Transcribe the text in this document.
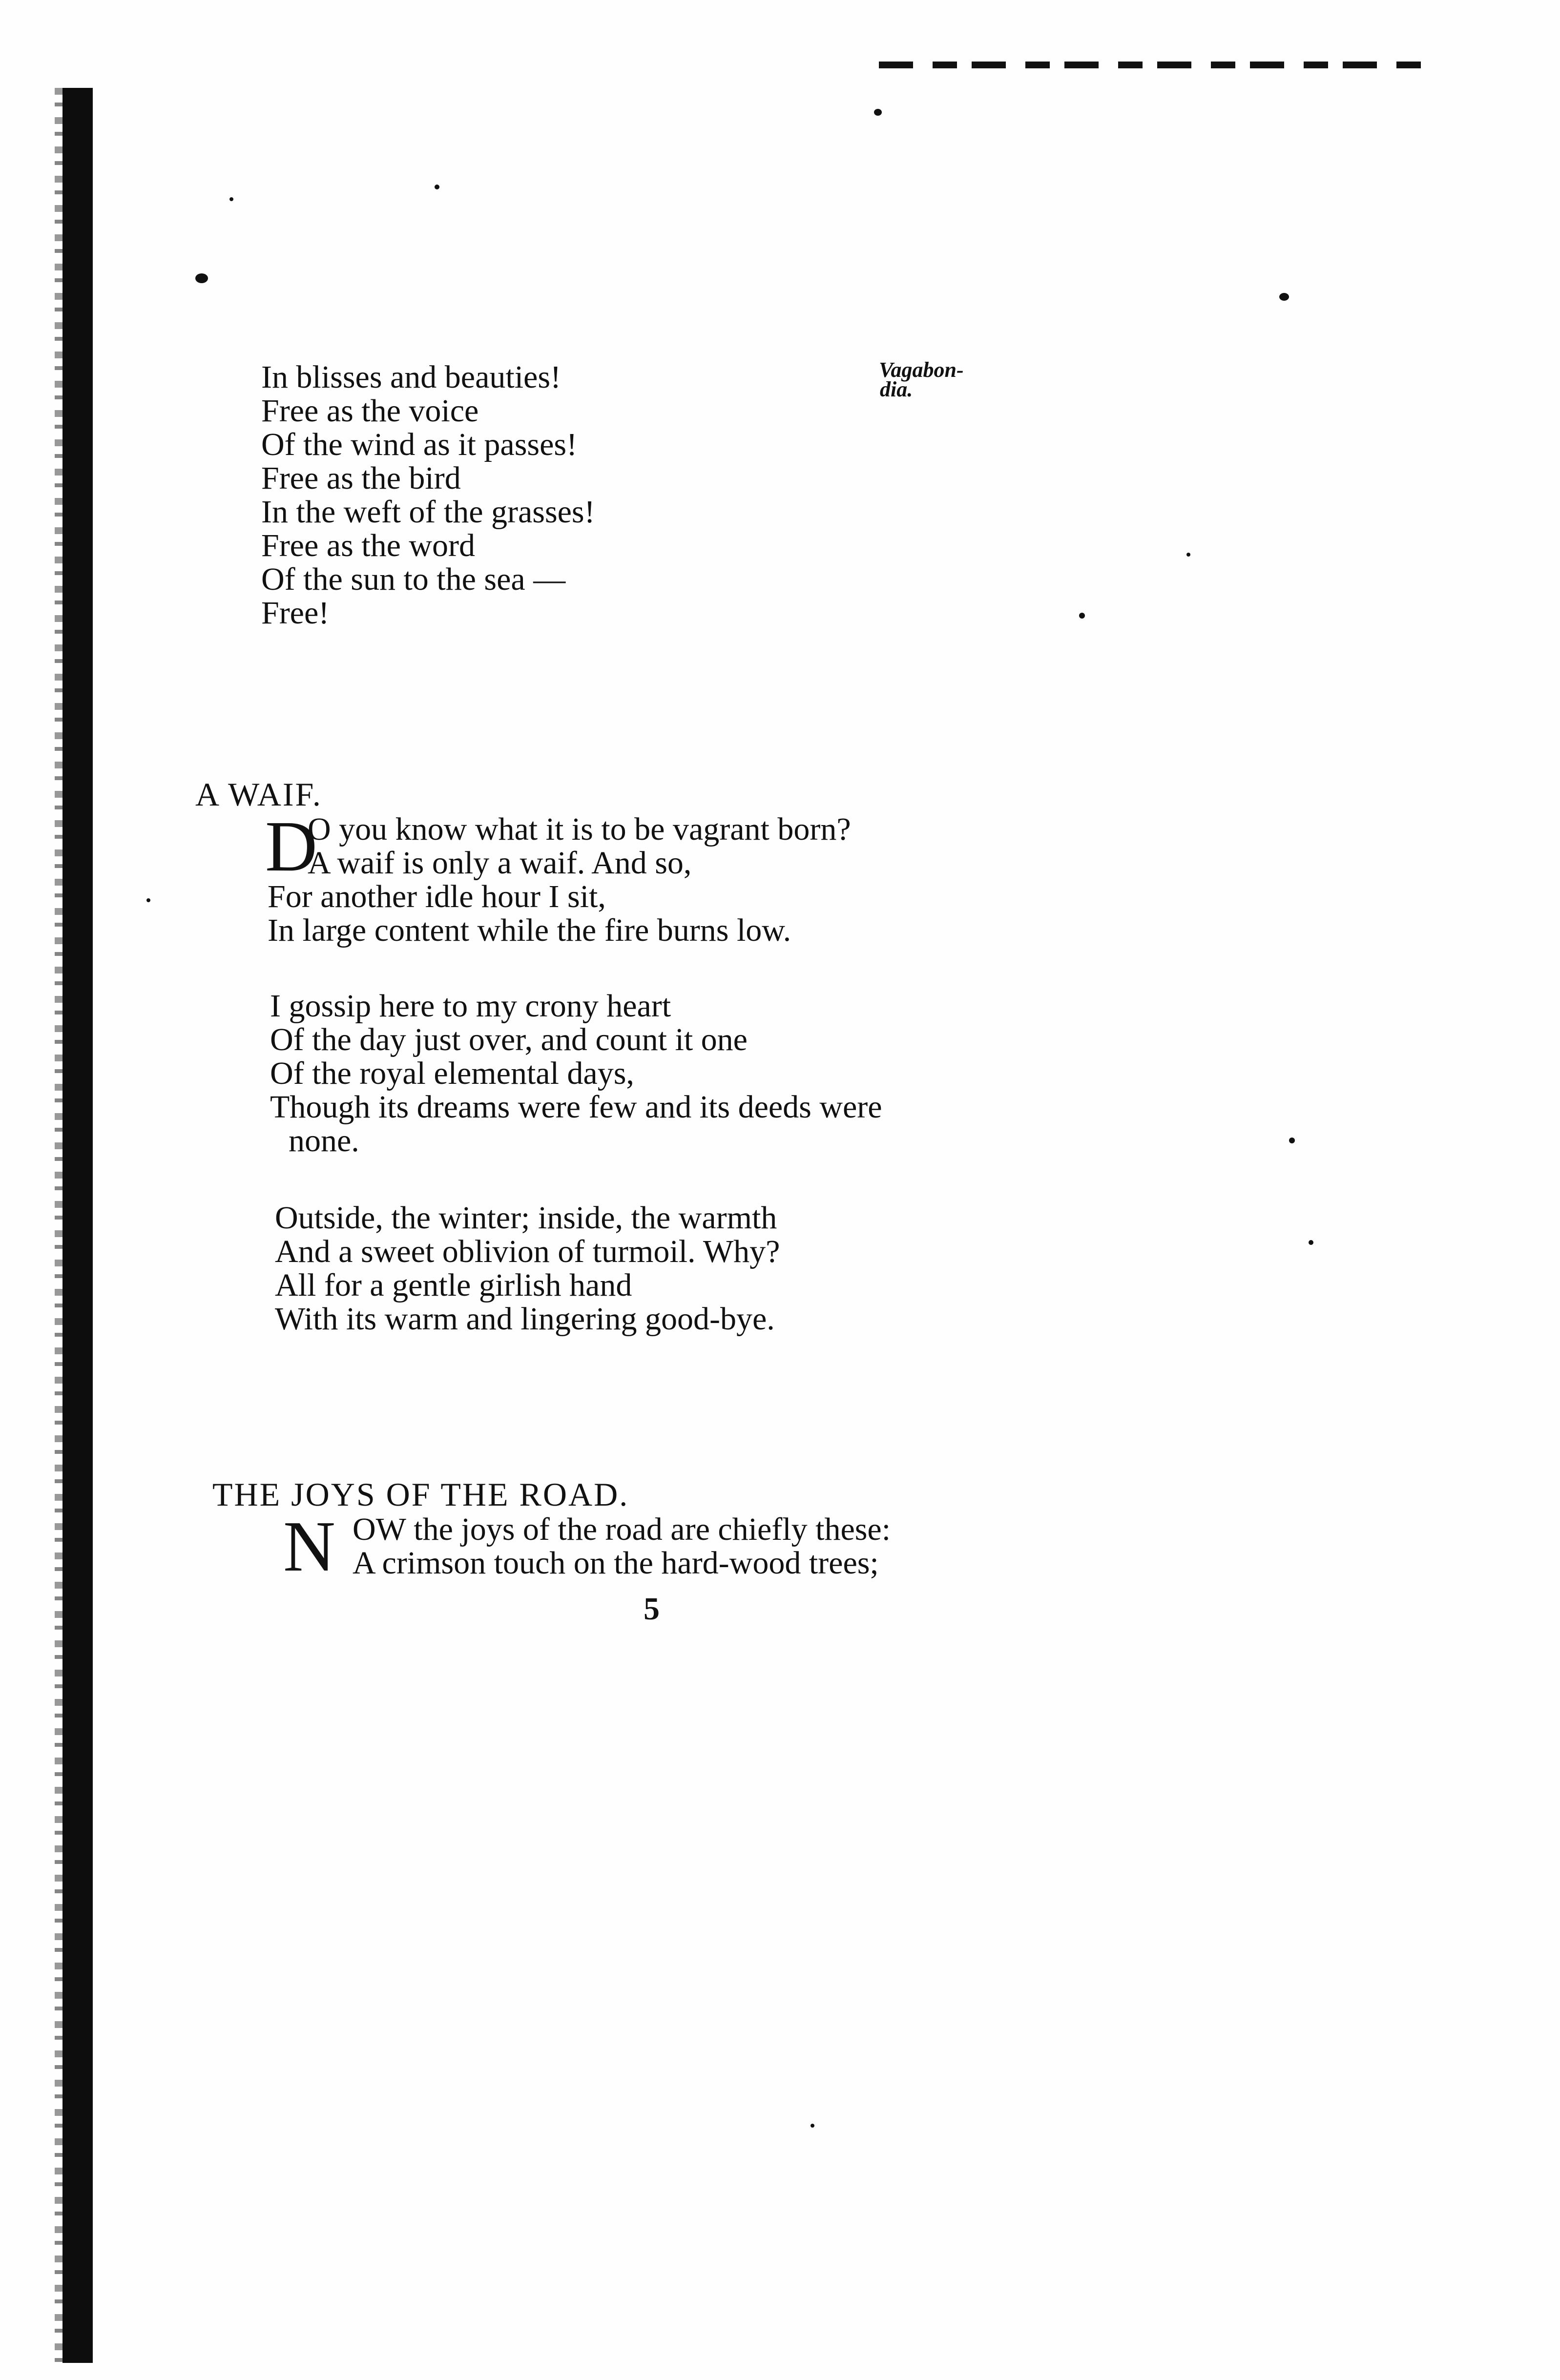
In blisses and beauties!
Free as the voice
Of the wind as it passes!
Free as the bird
In the weft of the grasses!
Free as the word
Of the sun to the sea —
Free!
Vagabon-
dia.
A WAIF.
D
O you know what it is to be vagrant born?
A waif is only a waif. And so,
For another idle hour I sit,
In large content while the fire burns low.
I gossip here to my crony heart
Of the day just over, and count it one
Of the royal elemental days,
Though its dreams were few and its deeds were
none.
Outside, the winter; inside, the warmth
And a sweet oblivion of turmoil. Why?
All for a gentle girlish hand
With its warm and lingering good-bye.
THE JOYS OF THE ROAD.
N OW the joys of the road are chiefly these:
A crimson touch on the hard-wood trees;
5
